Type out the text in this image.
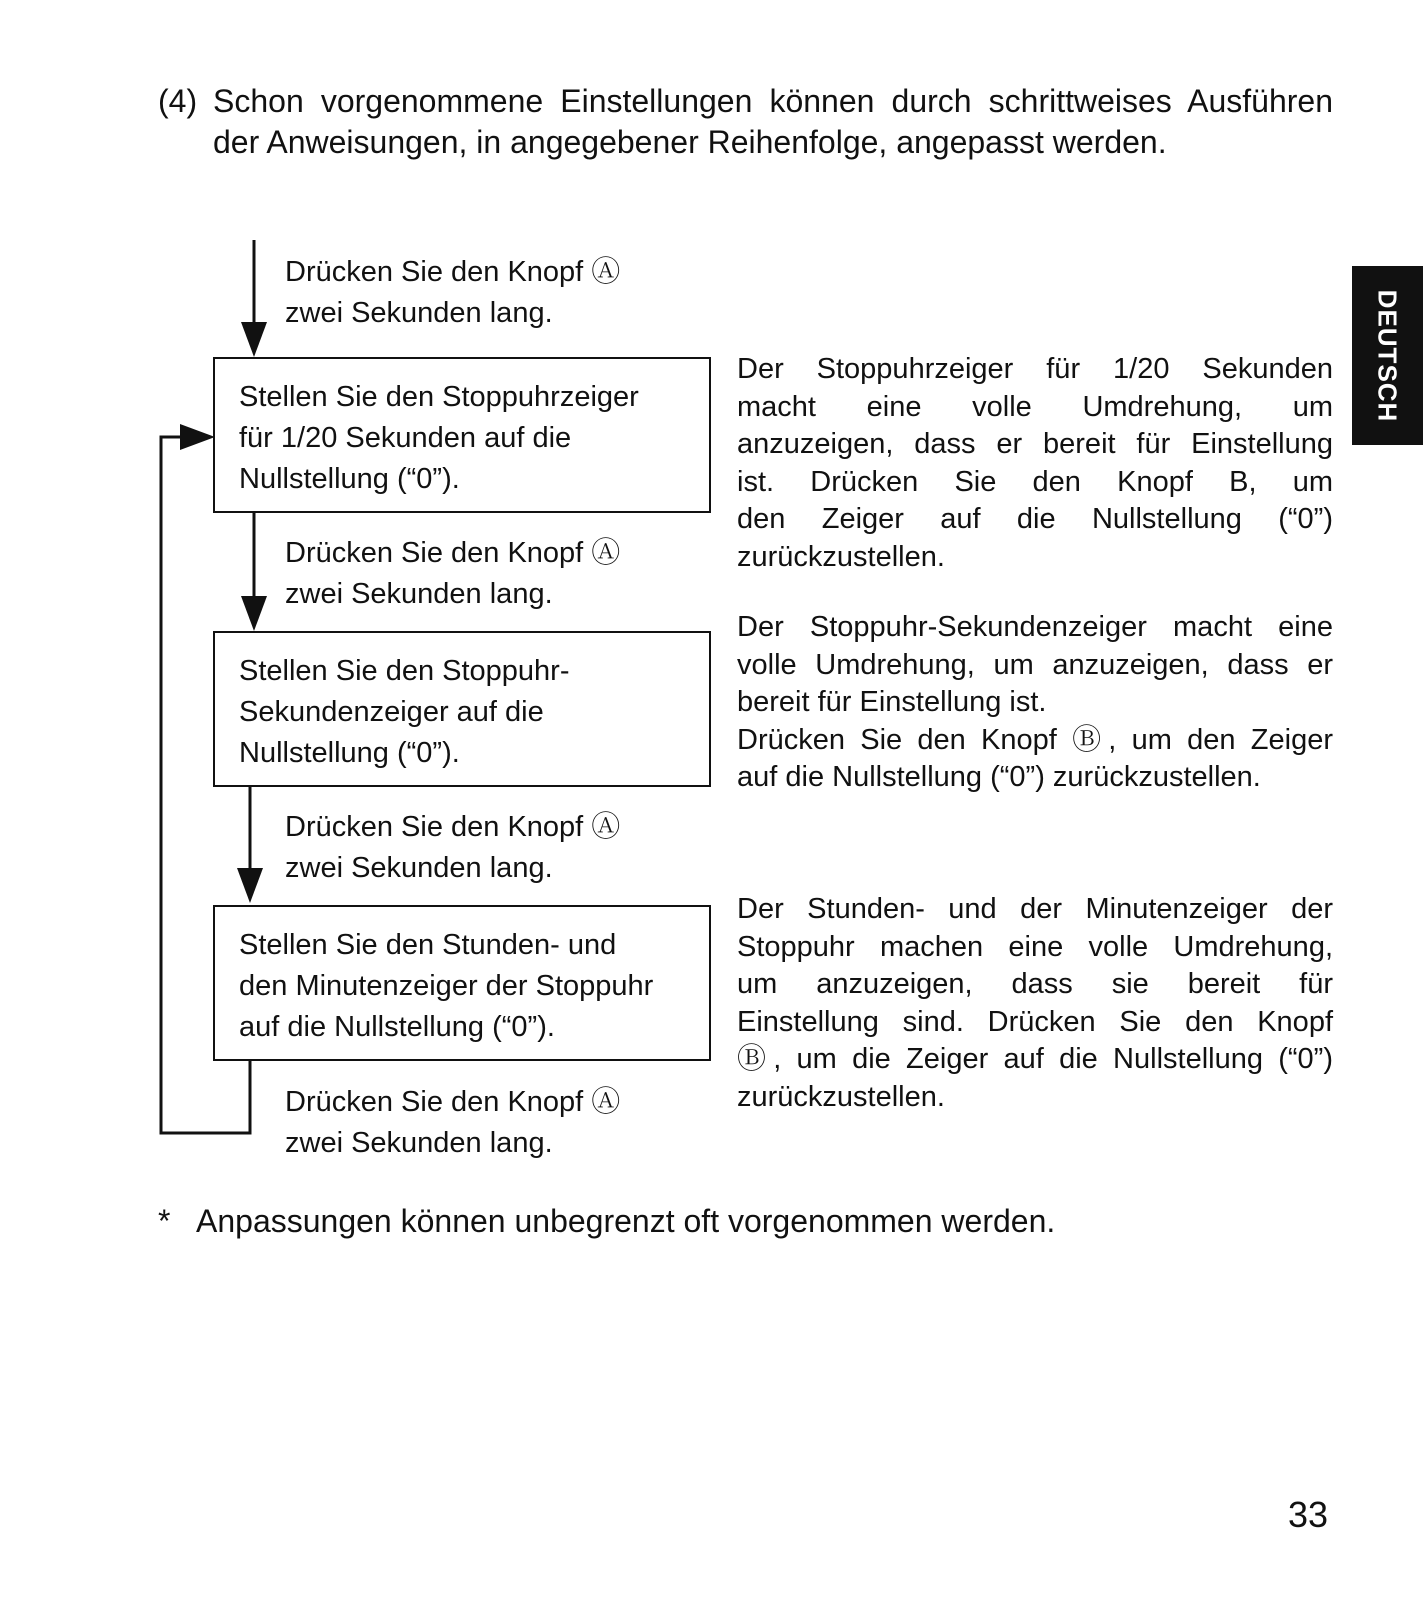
(4) Schon vorgenommene Einstellungen können durch schrittweises Ausführen der Anweisungen, in angegebener Reihenfolge, angepasst werden.
DEUTSCH
Drücken Sie den Knopf Ⓐ
zwei Sekunden lang.
Drücken Sie den Knopf Ⓐ
zwei Sekunden lang.
Drücken Sie den Knopf Ⓐ
zwei Sekunden lang.
Drücken Sie den Knopf Ⓐ
zwei Sekunden lang.
Stellen Sie den Stoppuhrzeiger
für 1/20 Sekunden auf die
Nullstellung (“0”).
Stellen Sie den Stoppuhr-
Sekundenzeiger auf die
Nullstellung (“0”).
Stellen Sie den Stunden- und
den Minutenzeiger der Stoppuhr
auf die Nullstellung (“0”).
Der Stoppuhrzeiger für 1/20 Sekunden
macht eine volle Umdrehung, um
anzuzeigen, dass er bereit für Einstellung
ist. Drücken Sie den Knopf B, um
den Zeiger auf die Nullstellung (“0”)
zurückzustellen.
Der Stoppuhr-Sekundenzeiger macht eine
volle Umdrehung, um anzuzeigen, dass er
bereit für Einstellung ist.
Drücken Sie den Knopf Ⓑ, um den Zeiger
auf die Nullstellung (“0”) zurückzustellen.
Der Stunden- und der Minutenzeiger der
Stoppuhr machen eine volle Umdrehung,
um anzuzeigen, dass sie bereit für
Einstellung sind. Drücken Sie den Knopf
Ⓑ, um die Zeiger auf die Nullstellung (“0”)
zurückzustellen.
* Anpassungen können unbegrenzt oft vorgenommen werden.
33
